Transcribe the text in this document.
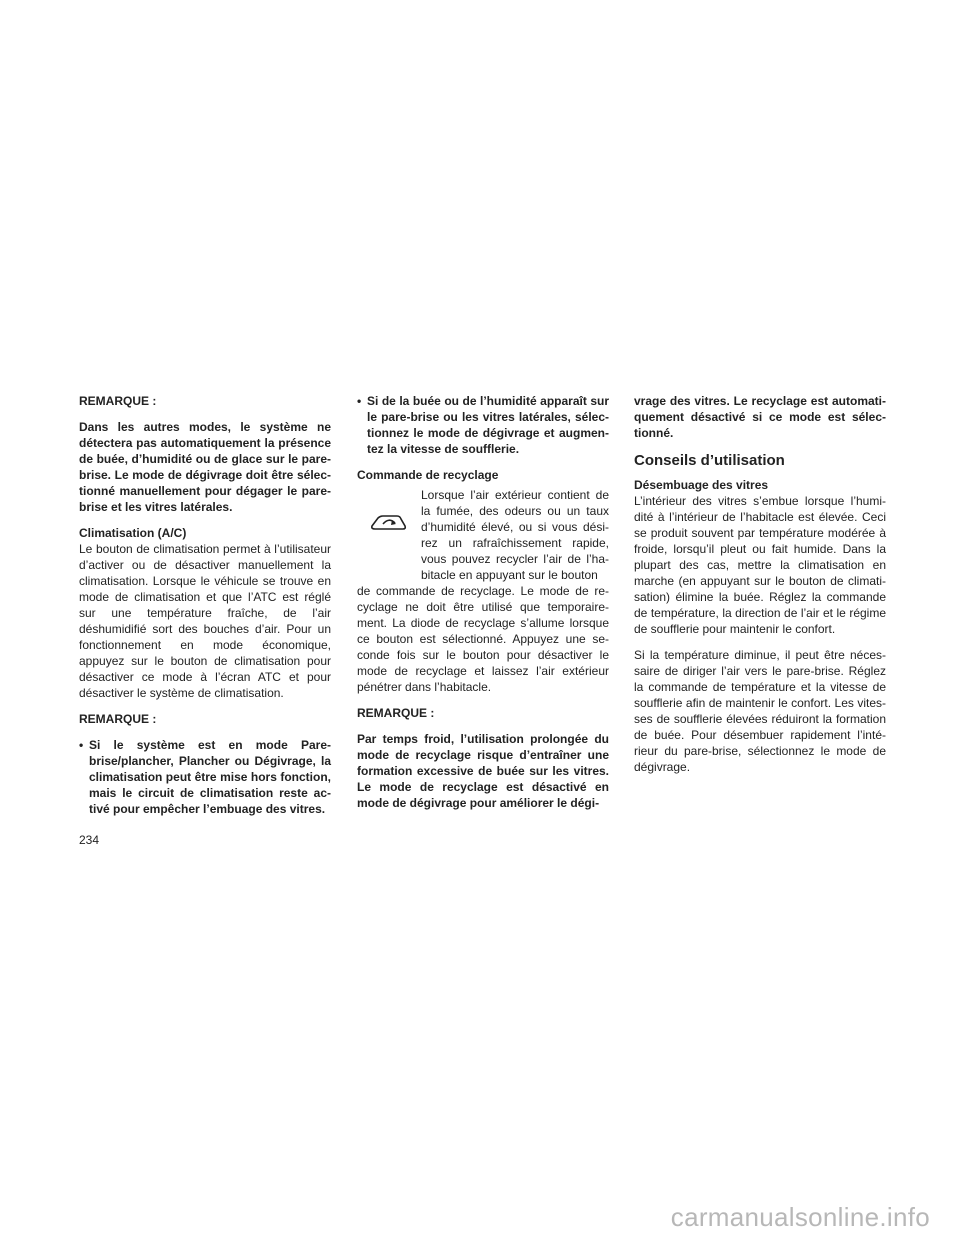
REMARQUE :

Dans les autres modes, le système ne détectera pas automatiquement la présence de buée, d’humidité ou de glace sur le pare-brise. Le mode de dégivrage doit être sélectionné manuellement pour dégager le pare-brise et les vitres latérales.

Climatisation (A/C)

Le bouton de climatisation permet à l’utilisateur d’activer ou de désactiver manuellement la climatisation. Lorsque le véhicule se trouve en mode de climatisation et que l’ATC est réglé sur une température fraîche, de l’air déshumidifié sort des bouches d’air. Pour un fonctionnement en mode économique, appuyez sur le bouton de climatisation pour désactiver ce mode à l’écran ATC et pour désactiver le système de climatisation.

REMARQUE :

• Si le système est en mode Pare-brise/plancher, Plancher ou Dégivrage, la climatisation peut être mise hors fonction, mais le circuit de climatisation reste activé pour empêcher l’embuage des vitres.
• Si de la buée ou de l’humidité apparaît sur le pare-brise ou les vitres latérales, sélectionnez le mode de dégivrage et augmentez la vitesse de soufflerie.

Commande de recyclage

Lorsque l’air extérieur contient de la fumée, des odeurs ou un taux d’humidité élevé, ou si vous désirez un rafraîchissement rapide, vous pouvez recycler l’air de l’habitacle en appuyant sur le bouton

de commande de recyclage. Le mode de recyclage ne doit être utilisé que temporairement. La diode de recyclage s’allume lorsque ce bouton est sélectionné. Appuyez une seconde fois sur le bouton pour désactiver le mode de recyclage et laissez l’air extérieur pénétrer dans l’habitacle.

REMARQUE :

Par temps froid, l’utilisation prolongée du mode de recyclage risque d’entraîner une formation excessive de buée sur les vitres. Le mode de recyclage est désactivé en mode de dégivrage pour améliorer le dégi-

vrage des vitres. Le recyclage est automatiquement désactivé si ce mode est sélectionné.

Conseils d’utilisation

Désembuage des vitres

L’intérieur des vitres s’embue lorsque l’humidité à l’intérieur de l’habitacle est élevée. Ceci se produit souvent par température modérée à froide, lorsqu’il pleut ou fait humide. Dans la plupart des cas, mettre la climatisation en marche (en appuyant sur le bouton de climatisation) élimine la buée. Réglez la commande de température, la direction de l’air et le régime de soufflerie pour maintenir le confort.

Si la température diminue, il peut être nécessaire de diriger l’air vers le pare-brise. Réglez la commande de température et la vitesse de soufflerie afin de maintenir le confort. Les vitesses de soufflerie élevées réduiront la formation de buée. Pour désembuer rapidement l’intérieur du pare-brise, sélectionnez le mode de dégivrage.

234
carmanualsonline.info
